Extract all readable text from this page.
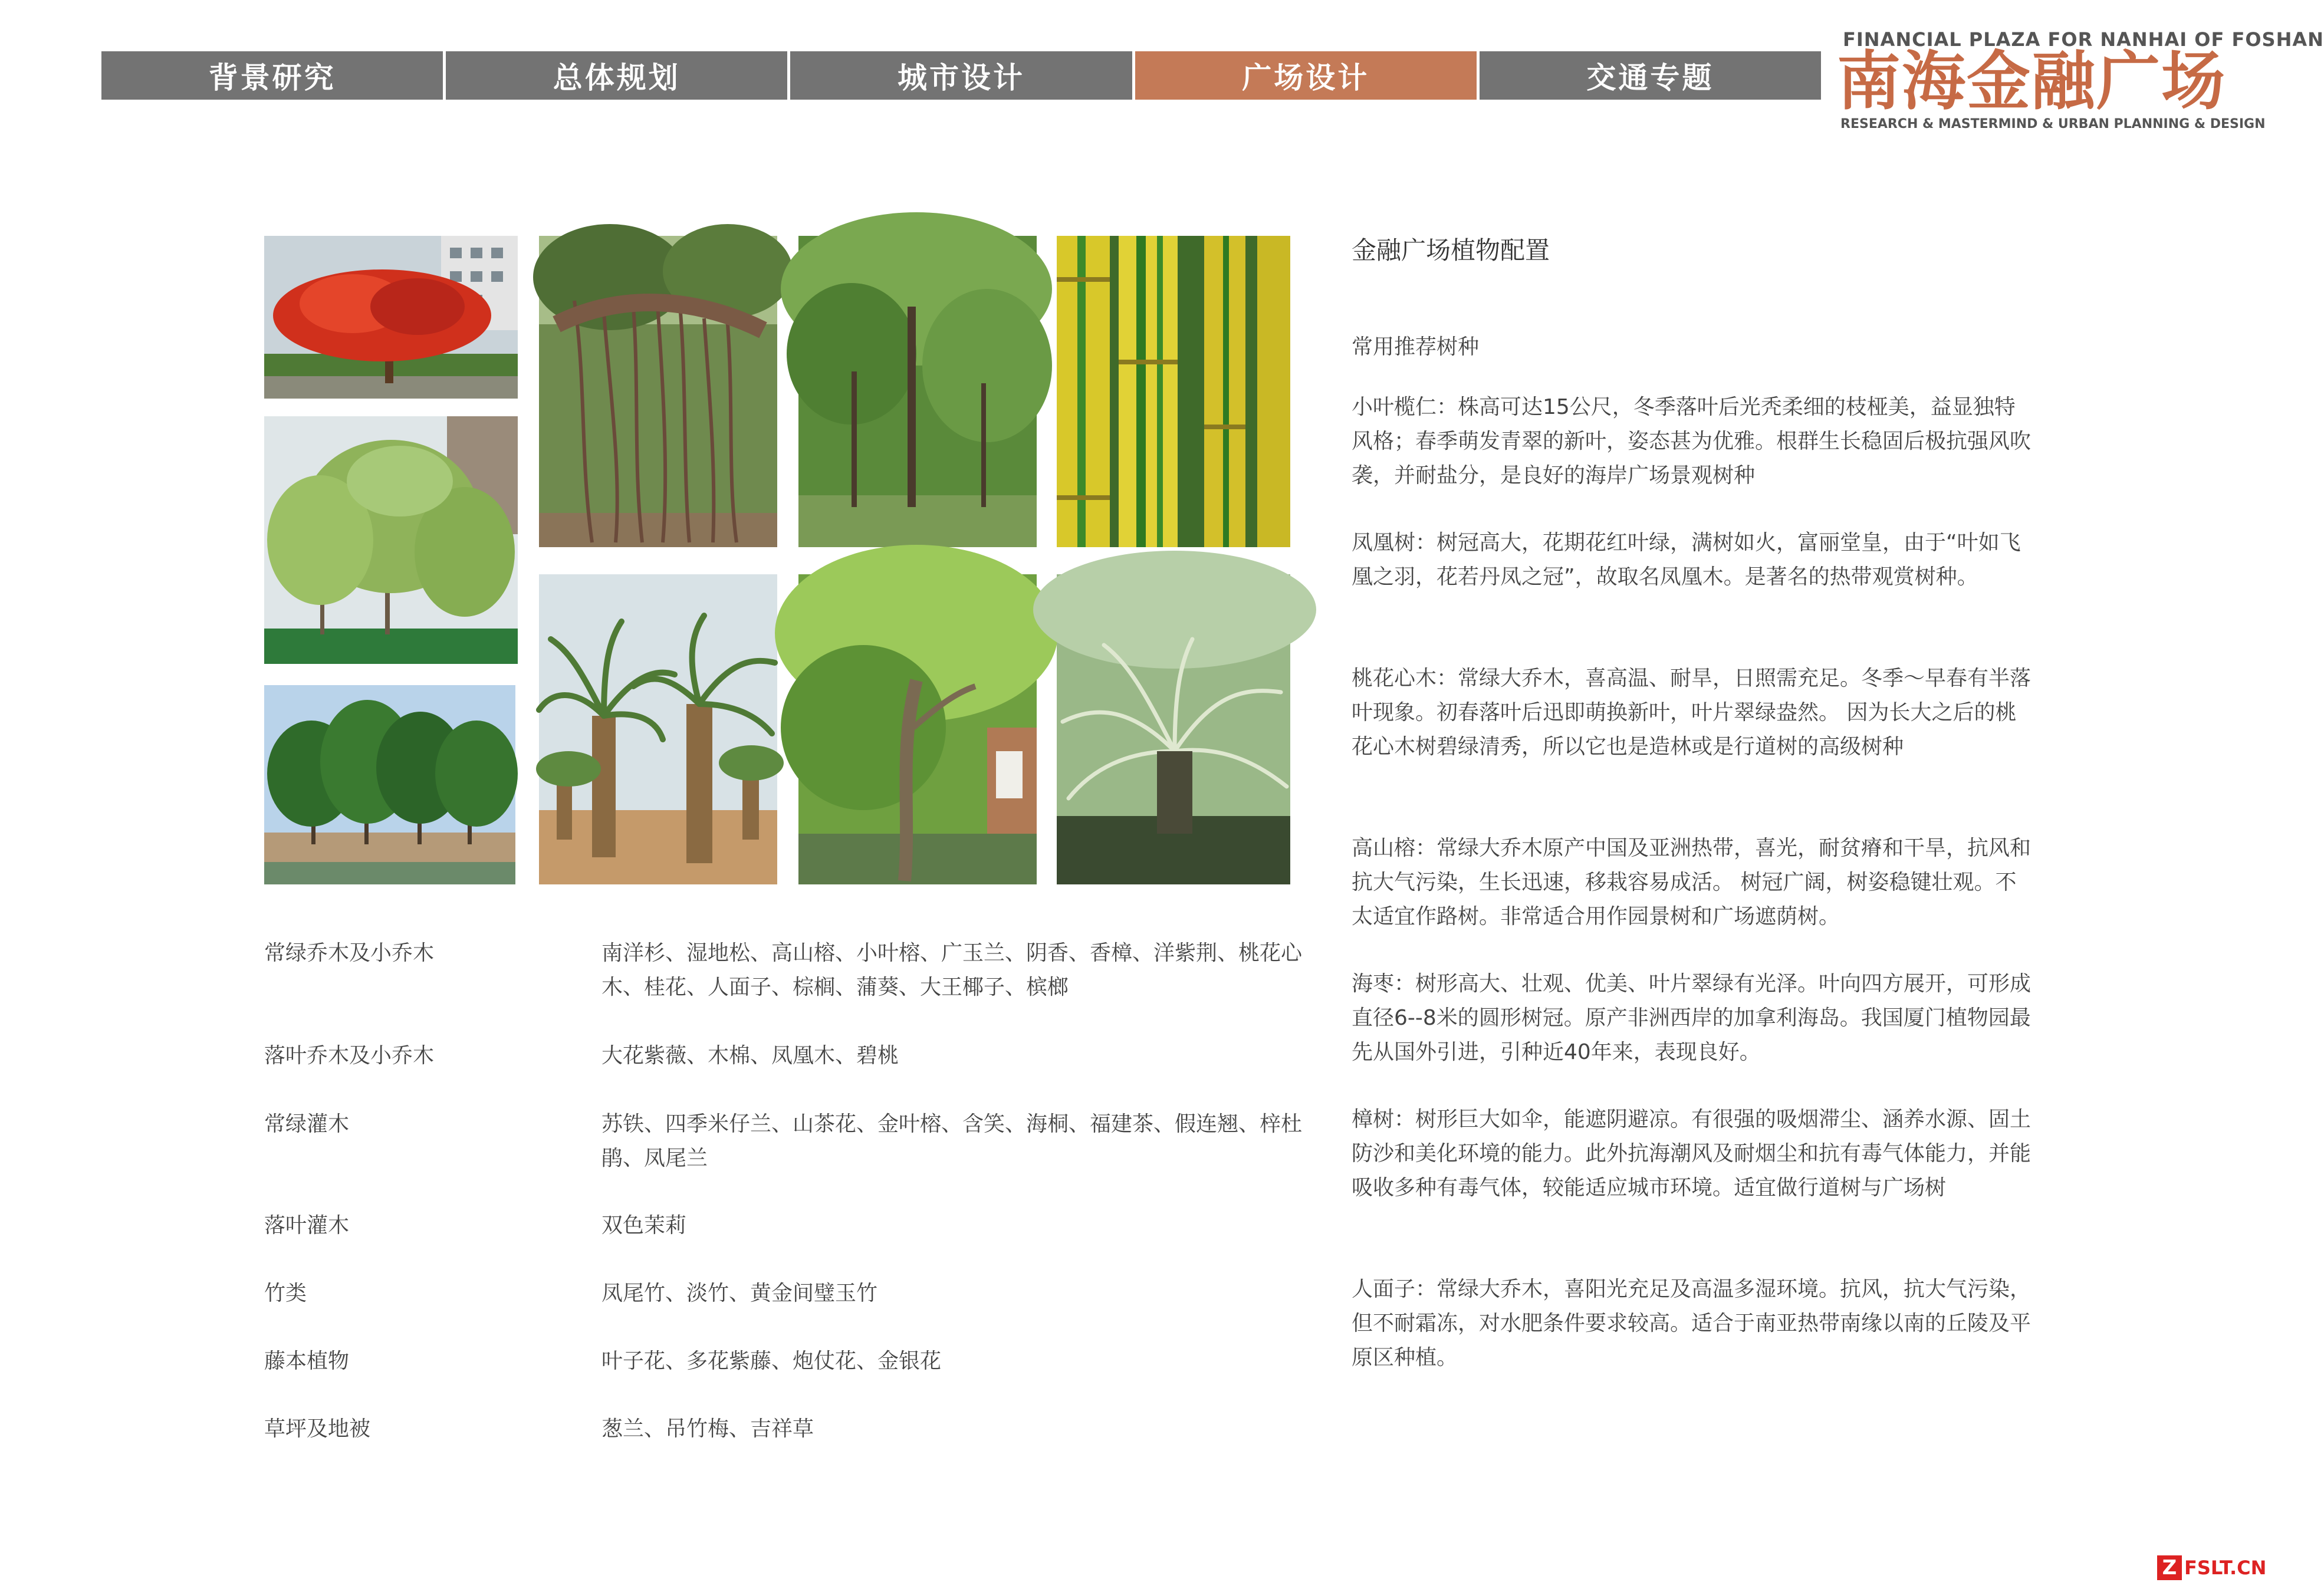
背景研究	总体规划	城市设计	广场设计	交通专题
FINANCIAL PLAZA FOR NANHAI OF FOSHAN
南海金融广场
RESEARCH & MASTERMIND & URBAN PLANNING & DESIGN
常绿乔木及小乔木	南洋杉、湿地松、高山榕、小叶榕、广玉兰、阴香、香樟、洋紫荆、桃花心木、桂花、人面子、棕榈、蒲葵、大王椰子、槟榔
落叶乔木及小乔木	大花紫薇、木棉、凤凰木、碧桃
常绿灌木	苏铁、四季米仔兰、山茶花、金叶榕、含笑、海桐、福建茶、假连翘、梓杜鹃、凤尾兰
落叶灌木	双色茉莉
竹类	凤尾竹、淡竹、黄金间璧玉竹
藤本植物	叶子花、多花紫藤、炮仗花、金银花
草坪及地被	葱兰、吊竹梅、吉祥草
金融广场植物配置
常用推荐树种
小叶榄仁：株高可达15公尺，冬季落叶后光秃柔细的枝桠美，益显独特风格；春季萌发青翠的新叶，姿态甚为优雅。根群生长稳固后极抗强风吹袭，并耐盐分，是良好的海岸广场景观树种
凤凰树：树冠高大，花期花红叶绿，满树如火，富丽堂皇，由于“叶如飞凰之羽，花若丹凤之冠”，故取名凤凰木。是著名的热带观赏树种。
桃花心木：常绿大乔木，喜高温、耐旱，日照需充足。冬季～早春有半落叶现象。初春落叶后迅即萌换新叶，叶片翠绿盎然。 因为长大之后的桃花心木树碧绿清秀，所以它也是造林或是行道树的高级树种
高山榕：常绿大乔木原产中国及亚洲热带，喜光，耐贫瘠和干旱，抗风和抗大气污染，生长迅速，移栽容易成活。 树冠广阔，树姿稳键壮观。不太适宜作路树。非常适合用作园景树和广场遮荫树。
海枣：树形高大、壮观、优美、叶片翠绿有光泽。叶向四方展开，可形成直径6--8米的圆形树冠。原产非洲西岸的加拿利海岛。我国厦门植物园最先从国外引进，引种近40年来，表现良好。
樟树：树形巨大如伞，能遮阴避凉。有很强的吸烟滞尘、涵养水源、固土防沙和美化环境的能力。此外抗海潮风及耐烟尘和抗有毒气体能力，并能吸收多种有毒气体，较能适应城市环境。适宜做行道树与广场树
人面子：常绿大乔木，喜阳光充足及高温多湿环境。抗风，抗大气污染，但不耐霜冻，对水肥条件要求较高。适合于南亚热带南缘以南的丘陵及平原区种植。
Z FSLT.CN
